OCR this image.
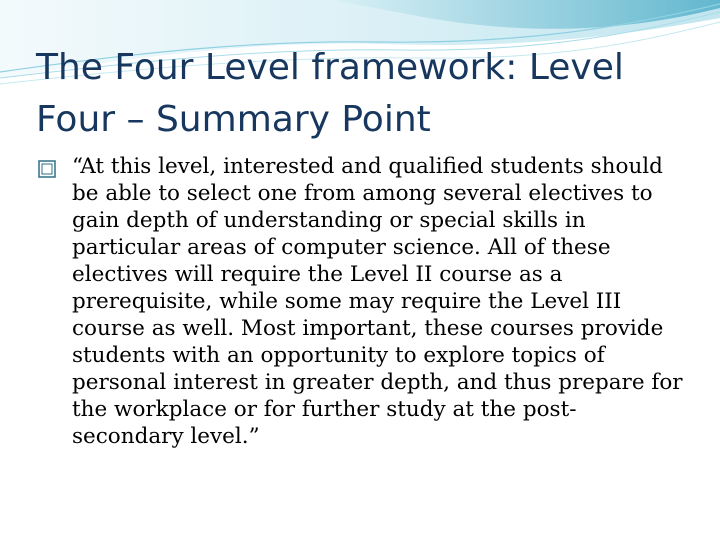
The Four Level framework: Level Four – Summary Point

“At this level, interested and qualified students should be able to select one from among several electives to gain depth of understanding or special skills in particular areas of computer science. All of these electives will require the Level II course as a prerequisite, while some may require the Level III course as well. Most important, these courses provide students with an opportunity to explore topics of personal interest in greater depth, and thus prepare for the workplace or for further study at the post-secondary level.”
